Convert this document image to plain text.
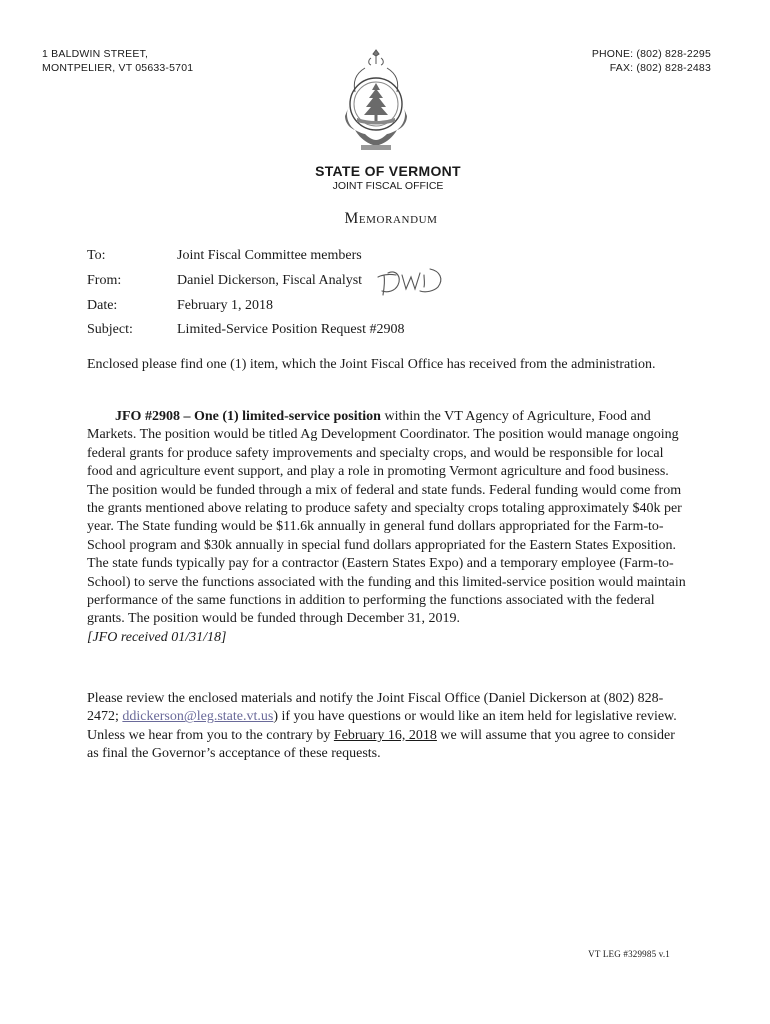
1 BALDWIN STREET,
MONTPELIER, VT 05633-5701
PHONE: (802) 828-2295
FAX: (802) 828-2483
STATE OF VERMONT
JOINT FISCAL OFFICE
Memorandum
To:	Joint Fiscal Committee members
From:	Daniel Dickerson, Fiscal Analyst
Date:	February 1, 2018
Subject:	Limited-Service Position Request #2908
Enclosed please find one (1) item, which the Joint Fiscal Office has received from the administration.
JFO #2908 – One (1) limited-service position within the VT Agency of Agriculture, Food and Markets. The position would be titled Ag Development Coordinator. The position would manage ongoing federal grants for produce safety improvements and specialty crops, and would be responsible for local food and agriculture event support, and play a role in promoting Vermont agriculture and food business. The position would be funded through a mix of federal and state funds. Federal funding would come from the grants mentioned above relating to produce safety and specialty crops totaling approximately $40k per year. The State funding would be $11.6k annually in general fund dollars appropriated for the Farm-to-School program and $30k annually in special fund dollars appropriated for the Eastern States Exposition. The state funds typically pay for a contractor (Eastern States Expo) and a temporary employee (Farm-to-School) to serve the functions associated with the funding and this limited-service position would maintain performance of the same functions in addition to performing the functions associated with the federal grants. The position would be funded through December 31, 2019.
[JFO received 01/31/18]
Please review the enclosed materials and notify the Joint Fiscal Office (Daniel Dickerson at (802) 828-2472; ddickerson@leg.state.vt.us) if you have questions or would like an item held for legislative review. Unless we hear from you to the contrary by February 16, 2018 we will assume that you agree to consider as final the Governor’s acceptance of these requests.
VT LEG #329985 v.1
